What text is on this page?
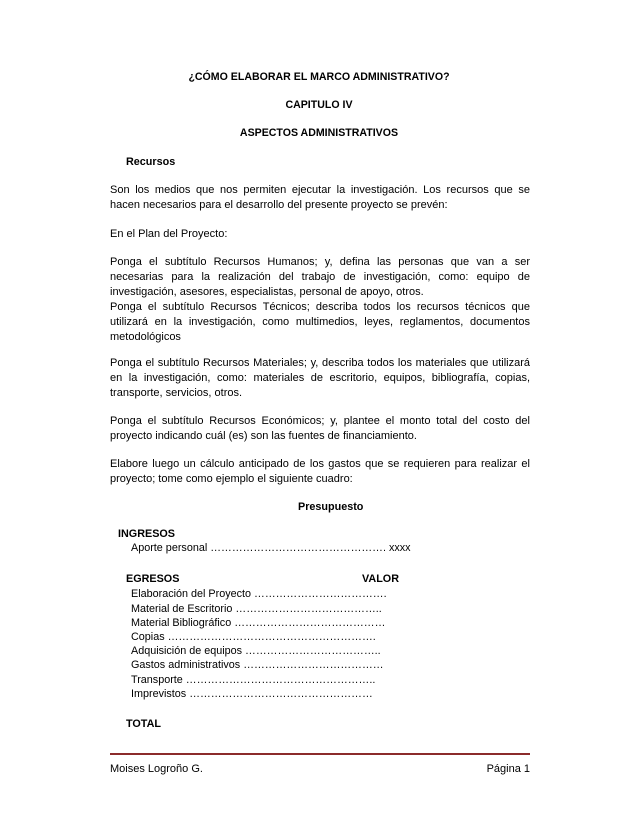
¿CÓMO ELABORAR EL MARCO ADMINISTRATIVO?
CAPITULO IV
ASPECTOS ADMINISTRATIVOS
Recursos
Son los medios que nos permiten ejecutar la investigación. Los recursos que se hacen necesarios para el desarrollo del presente proyecto se prevén:
En el Plan del Proyecto:
Ponga el subtítulo Recursos Humanos; y, defina las personas que van a ser necesarias para la realización del trabajo de investigación, como: equipo de investigación, asesores, especialistas, personal de apoyo, otros.
Ponga el subtítulo Recursos Técnicos; describa todos los recursos técnicos que utilizará en la investigación, como multimedios, leyes, reglamentos, documentos metodológicos
Ponga el subtítulo Recursos Materiales; y, describa todos los materiales que utilizará en la investigación, como: materiales de escritorio, equipos, bibliografía, copias, transporte, servicios, otros.
Ponga el subtítulo Recursos Económicos; y, plantee el monto total del costo del proyecto indicando cuál (es) son las fuentes de financiamiento.
Elabore luego un cálculo anticipado de los gastos que se requieren para realizar el proyecto; tome como ejemplo el siguiente cuadro:
Presupuesto
INGRESOS
Aporte personal …………………………………………. xxxx
EGRESOS	VALOR
Elaboración del Proyecto ……………………………….
Material de Escritorio …………………………………..
Material Bibliográfico ……………………………………
Copias ………………………………………………….
Adquisición de equipos ………………………………..
Gastos administrativos …………………………………
Transporte ……………………………………………..
Imprevistos ……………………………………………
TOTAL
Moises Logroño G.	Página 1
